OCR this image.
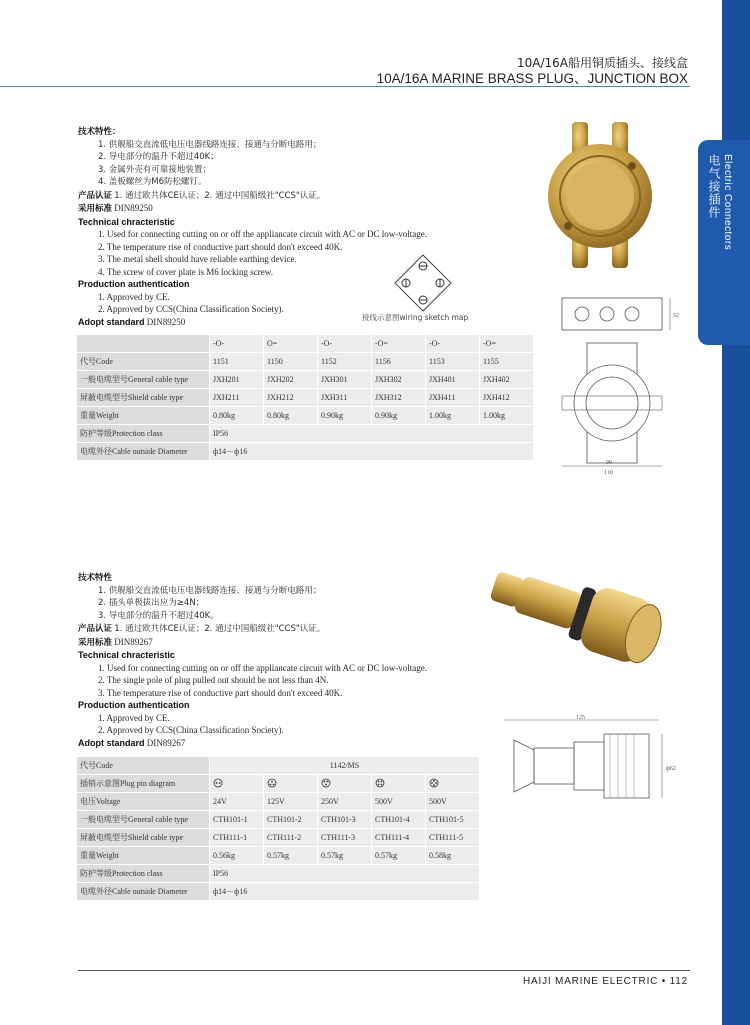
10A/16A船用铜质插头、接线盒
10A/16A MARINE BRASS PLUG、JUNCTION BOX
电气接插件 Electric Connectors
技术特性：
1. 供舰船交直流低电压电器线路连接、接通与分断电路用；
2. 导电部分的温升不超过40K；
3. 金属外壳有可靠接地装置；
4. 盖板螺丝为M6防松螺钉。
产品认证 1. 通过欧共体CE认证；2. 通过中国船级社"CCS"认证。
采用标准 DIN89250
Technical chracteristic
1. Used for connecting cutting on or off the appliancate circuit with AC or DC low-voltage.
2. The temperature rise of conductive part should don't exceed 40K.
3. The metal shell should have reliable earthing device.
4. The screw of cover plate is M6 locking screw.
Production authentication
1. Approved by CE.
2. Approved by CCS(China Classification Society).
Adopt standard DIN89250	接线示意图wiring sketch map	52
90
110
	-O-	O=	-O-	-O=	-O-	-O=
代号Code	1151	1150	1152	1156	1153	1155
一般电缆型号General cable type	JXH201	JXH202	JXH301	JXH302	JXH401	JXH402
屏蔽电缆型号Shield cable type	JXH211	JXH212	JXH311	JXH312	JXH411	JXH412
重量Weight	0.80kg	0.80kg	0.90kg	0.90kg	1.00kg	1.00kg
防护等级Protection class	IP56					
电缆外径Cable outside Diameter	ф14－ф16					
技术特性
1. 供舰船交直流低电压电器线路连接、接通与分断电路用；
2. 插头单极拔出应为≥4N；
3. 导电部分的温升不超过40K。
产品认证 1. 通过欧共体CE认证；2. 通过中国船级社"CCS"认证。
采用标准 DIN89267
Technical chracteristic
1. Used for connecting cutting on or off the appliancate circuit with AC or DC low-voltage.
2. The single pole of plug pulled out should be not less than 4N.
3. The temperature rise of conductive part should don't exceed 40K.
Production authentication
1. Approved by CE.
2. Approved by CCS(China Classification Society).
Adopt standard DIN89267
125
ф62
代号Code	1142/MS				
插销示意图Plug pin diagram					
电压Voltage	24V	125V	250V	500V	500V
一般电缆型号General cable type	CTH101-1	CTH101-2	CTH101-3	CTH101-4	CTH101-5
屏蔽电缆型号Shield cable type	CTH111-1	CTH111-2	CTH111-3	CTH111-4	CTH111-5
重量Weight	0.56kg	0.57kg	0.57kg	0.57kg	0.58kg
防护等级Protection class	IP56				
电缆外径Cable outside Diameter	ф14－ф16				
HAIJI MARINE ELECTRIC • 112
